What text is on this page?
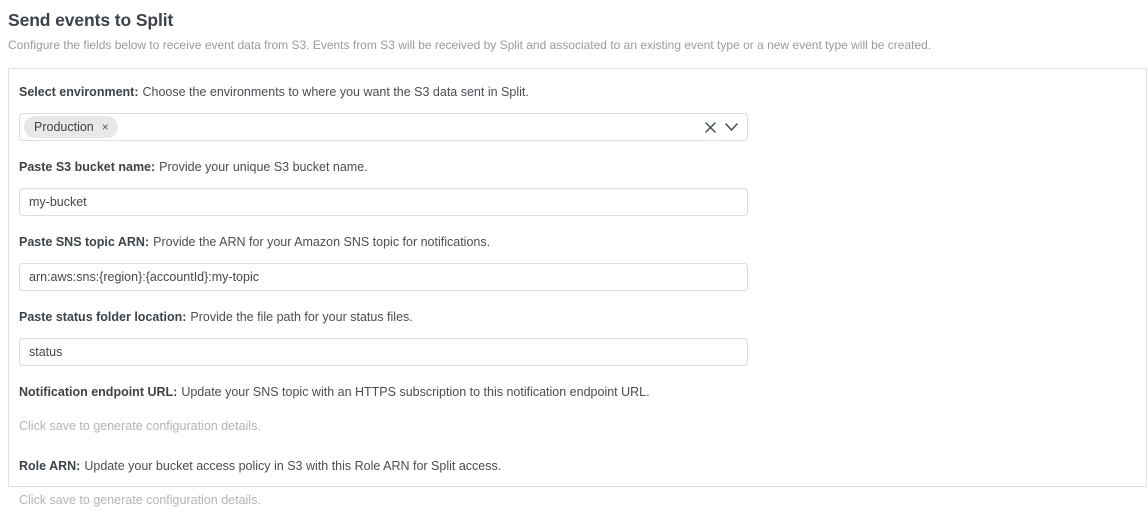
Send events to Split
Configure the fields below to receive event data from S3. Events from S3 will be received by Split and associated to an existing event type or a new event type will be created.
Select environment: Choose the environments to where you want the S3 data sent in Split.
Production ×
Paste S3 bucket name: Provide your unique S3 bucket name.
my-bucket
Paste SNS topic ARN: Provide the ARN for your Amazon SNS topic for notifications.
arn:aws:sns:{region}:{accountId}:my-topic
Paste status folder location: Provide the file path for your status files.
status
Notification endpoint URL: Update your SNS topic with an HTTPS subscription to this notification endpoint URL.
Click save to generate configuration details.
Role ARN: Update your bucket access policy in S3 with this Role ARN for Split access.
Click save to generate configuration details.
